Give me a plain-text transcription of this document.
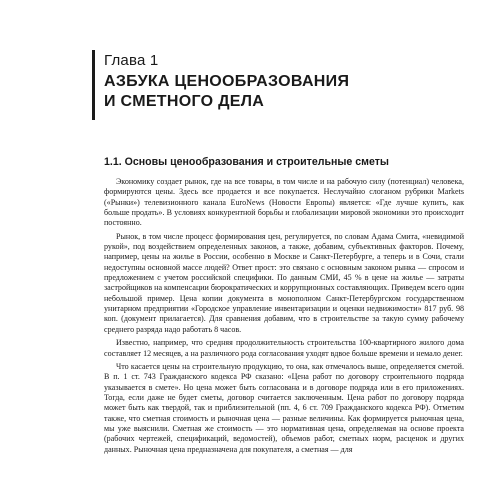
Глава 1
АЗБУКА ЦЕНООБРАЗОВАНИЯ
И СМЕТНОГО ДЕЛА
1.1. Основы ценообразования и строительные сметы

Экономику создает рынок, где на все товары, в том числе и на рабочую силу (потенциал) человека, формируются цены. Здесь все продается и все покупается. Неслучайно слоганом рубрики Markets («Рынки») телевизионного канала EuroNews (Новости Европы) является: «Где лучше купить, как больше продать». В условиях конкурентной борьбы и глобализации мировой экономики это происходит постоянно.

Рынок, в том числе процесс формирования цен, регулируется, по словам Адама Смита, «невидимой рукой», под воздействием определенных законов, а также, добавим, субъективных факторов. Почему, например, цены на жилье в России, особенно в Москве и Санкт-Петербурге, а теперь и в Сочи, стали недоступны основной массе людей? Ответ прост: это связано с основным законом рынка — спросом и предложением с учетом российской специфики. По данным СМИ, 45 % в цене на жилье — затраты застройщиков на компенсации бюрократических и коррупционных составляющих. Приведем всего один небольшой пример. Цена копии документа в монополном Санкт-Петербургском государственном унитарном предприятии «Городское управление инвентаризации и оценки недвижимости» 817 руб. 98 коп. (документ прилагается). Для сравнения добавим, что в строительстве за такую сумму рабочему среднего разряда надо работать 8 часов.

Известно, например, что средняя продолжительность строительства 100-квартирного жилого дома составляет 12 месяцев, а на различного рода согласования уходят вдвое больше времени и немало денег.

Что касается цены на строительную продукцию, то она, как отмечалось выше, определяется сметой. В п. 1 ст. 743 Гражданского кодекса РФ сказано: «Цена работ по договору строительного подряда указывается в смете». Но цена может быть согласована и в договоре подряда или в его приложениях. Тогда, если даже не будет сметы, договор считается заключенным. Цена работ по договору подряда может быть как твердой, так и приблизительной (пп. 4, 6 ст. 709 Гражданского кодекса РФ). Отметим также, что сметная стоимость и рыночная цена — разные величины. Как формируется рыночная цена, мы уже выяснили. Сметная же стоимость — это нормативная цена, определяемая на основе проекта (рабочих чертежей, спецификаций, ведомостей), объемов работ, сметных норм, расценок и других данных. Рыночная цена предназначена для покупателя, а сметная — для
